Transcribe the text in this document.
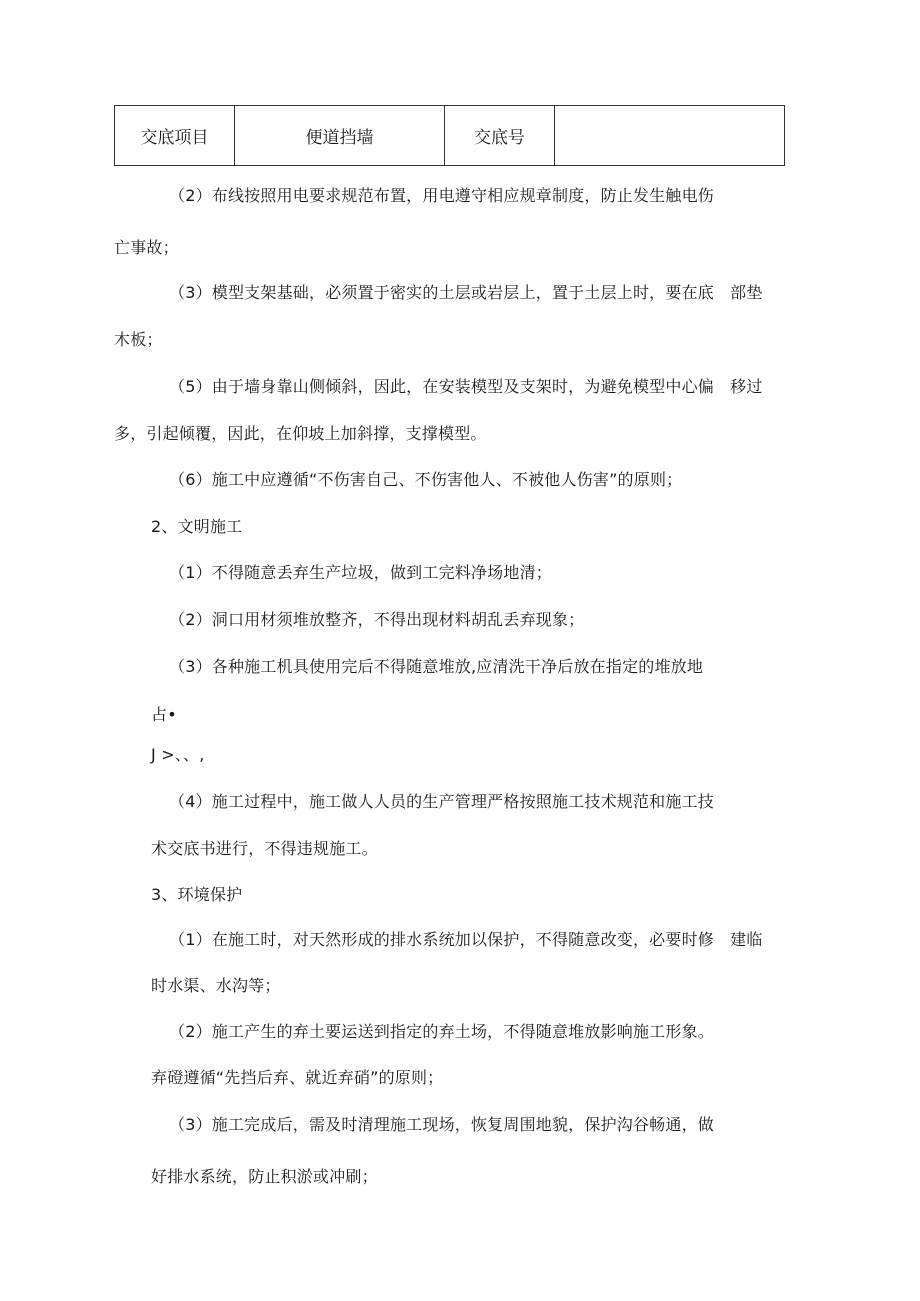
交底项目	便道挡墙	交底号	
（2）布线按照用电要求规范布置，用电遵守相应规章制度，防止发生触电伤
亡事故；
（3）模型支架基础，必须置于密实的土层或岩层上，置于土层上时，要在底　部垫
木板；
（5）由于墙身靠山侧倾斜，因此，在安装模型及支架时，为避免模型中心偏　移过
多，引起倾覆，因此，在仰坡上加斜撑，支撑模型。
（6）施工中应遵循“不伤害自己、不伤害他人、不被他人伤害”的原则；
2、文明施工
（1）不得随意丢弃生产垃圾，做到工完料净场地清；
（2）洞口用材须堆放整齐，不得出现材料胡乱丢弃现象；
（3）各种施工机具使用完后不得随意堆放,应清洗干净后放在指定的堆放地
占•
J >、、,
（4）施工过程中，施工做人人员的生产管理严格按照施工技术规范和施工技
术交底书进行，不得违规施工。
3、环境保护
（1）在施工时，对天然形成的排水系统加以保护，不得随意改变，必要时修　建临
时水渠、水沟等；
（2）施工产生的弃土要运送到指定的弃土场，不得随意堆放影响施工形象。
弃磴遵循“先挡后弃、就近弃硝”的原则；
（3）施工完成后，需及时清理施工现场，恢复周围地貌，保护沟谷畅通，做
好排水系统，防止积淤或冲刷；
